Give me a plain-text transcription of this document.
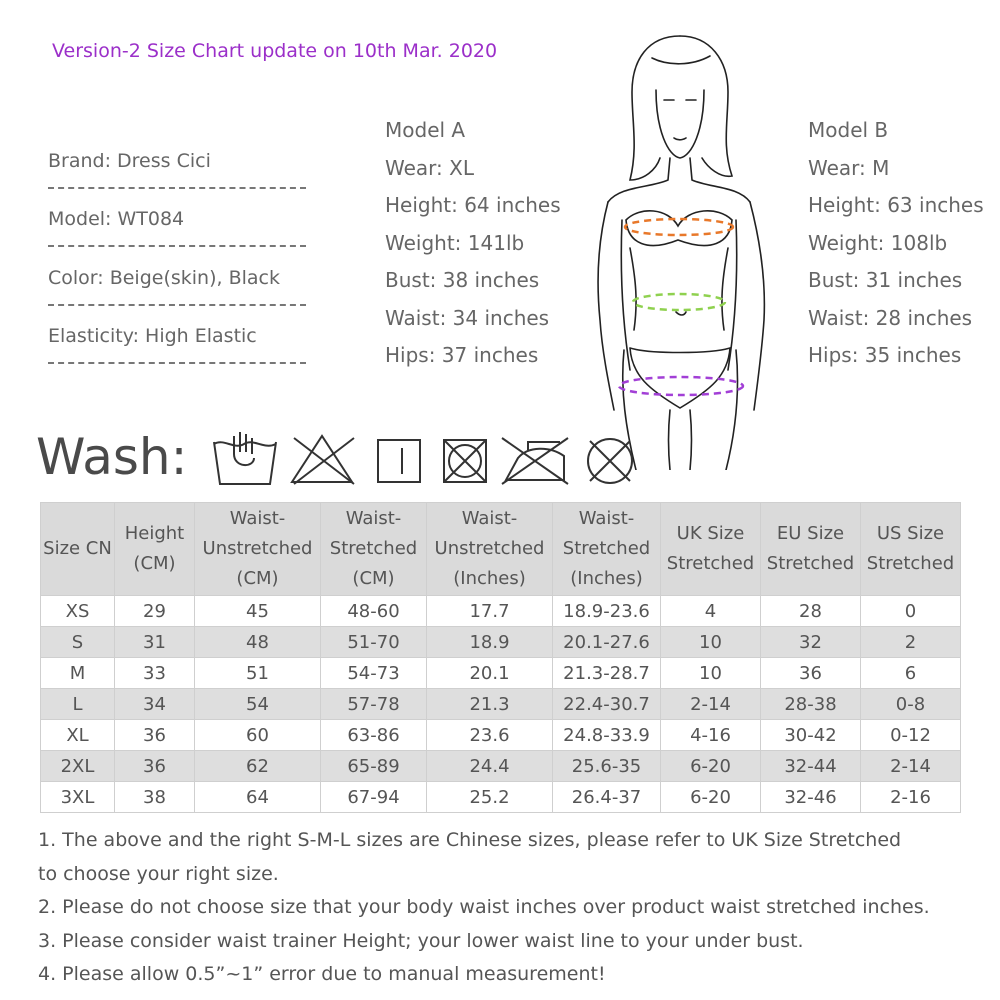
Version-2 Size Chart update on 10th Mar. 2020
Brand: Dress Cici
Model: WT084
Color: Beige(skin), Black
Elasticity: High Elastic
Model A
Wear: XL
Height: 64 inches
Weight: 141lb
Bust: 38 inches
Waist: 34 inches
Hips: 37 inches
Model B
Wear: M
Height: 63 inches
Weight: 108lb
Bust: 31 inches
Waist: 28 inches
Hips: 35 inches
Wash:
Size CN	Height (CM)	Waist- Unstretched (CM)	Waist- Stretched (CM)	Waist- Unstretched (Inches)	Waist- Stretched (Inches)	UK Size Stretched	EU Size Stretched	US Size Stretched
XS	29	45	48-60	17.7	18.9-23.6	4	28	0
S	31	48	51-70	18.9	20.1-27.6	10	32	2
M	33	51	54-73	20.1	21.3-28.7	10	36	6
L	34	54	57-78	21.3	22.4-30.7	2-14	28-38	0-8
XL	36	60	63-86	23.6	24.8-33.9	4-16	30-42	0-12
2XL	36	62	65-89	24.4	25.6-35	6-20	32-44	2-14
3XL	38	64	67-94	25.2	26.4-37	6-20	32-46	2-16
1. The above and the right S-M-L sizes are Chinese sizes, please refer to UK Size Stretched
to choose your right size.
2. Please do not choose size that your body waist inches over product waist stretched inches.
3. Please consider waist trainer Height; your lower waist line to your under bust.
4. Please allow 0.5”~1” error due to manual measurement!
